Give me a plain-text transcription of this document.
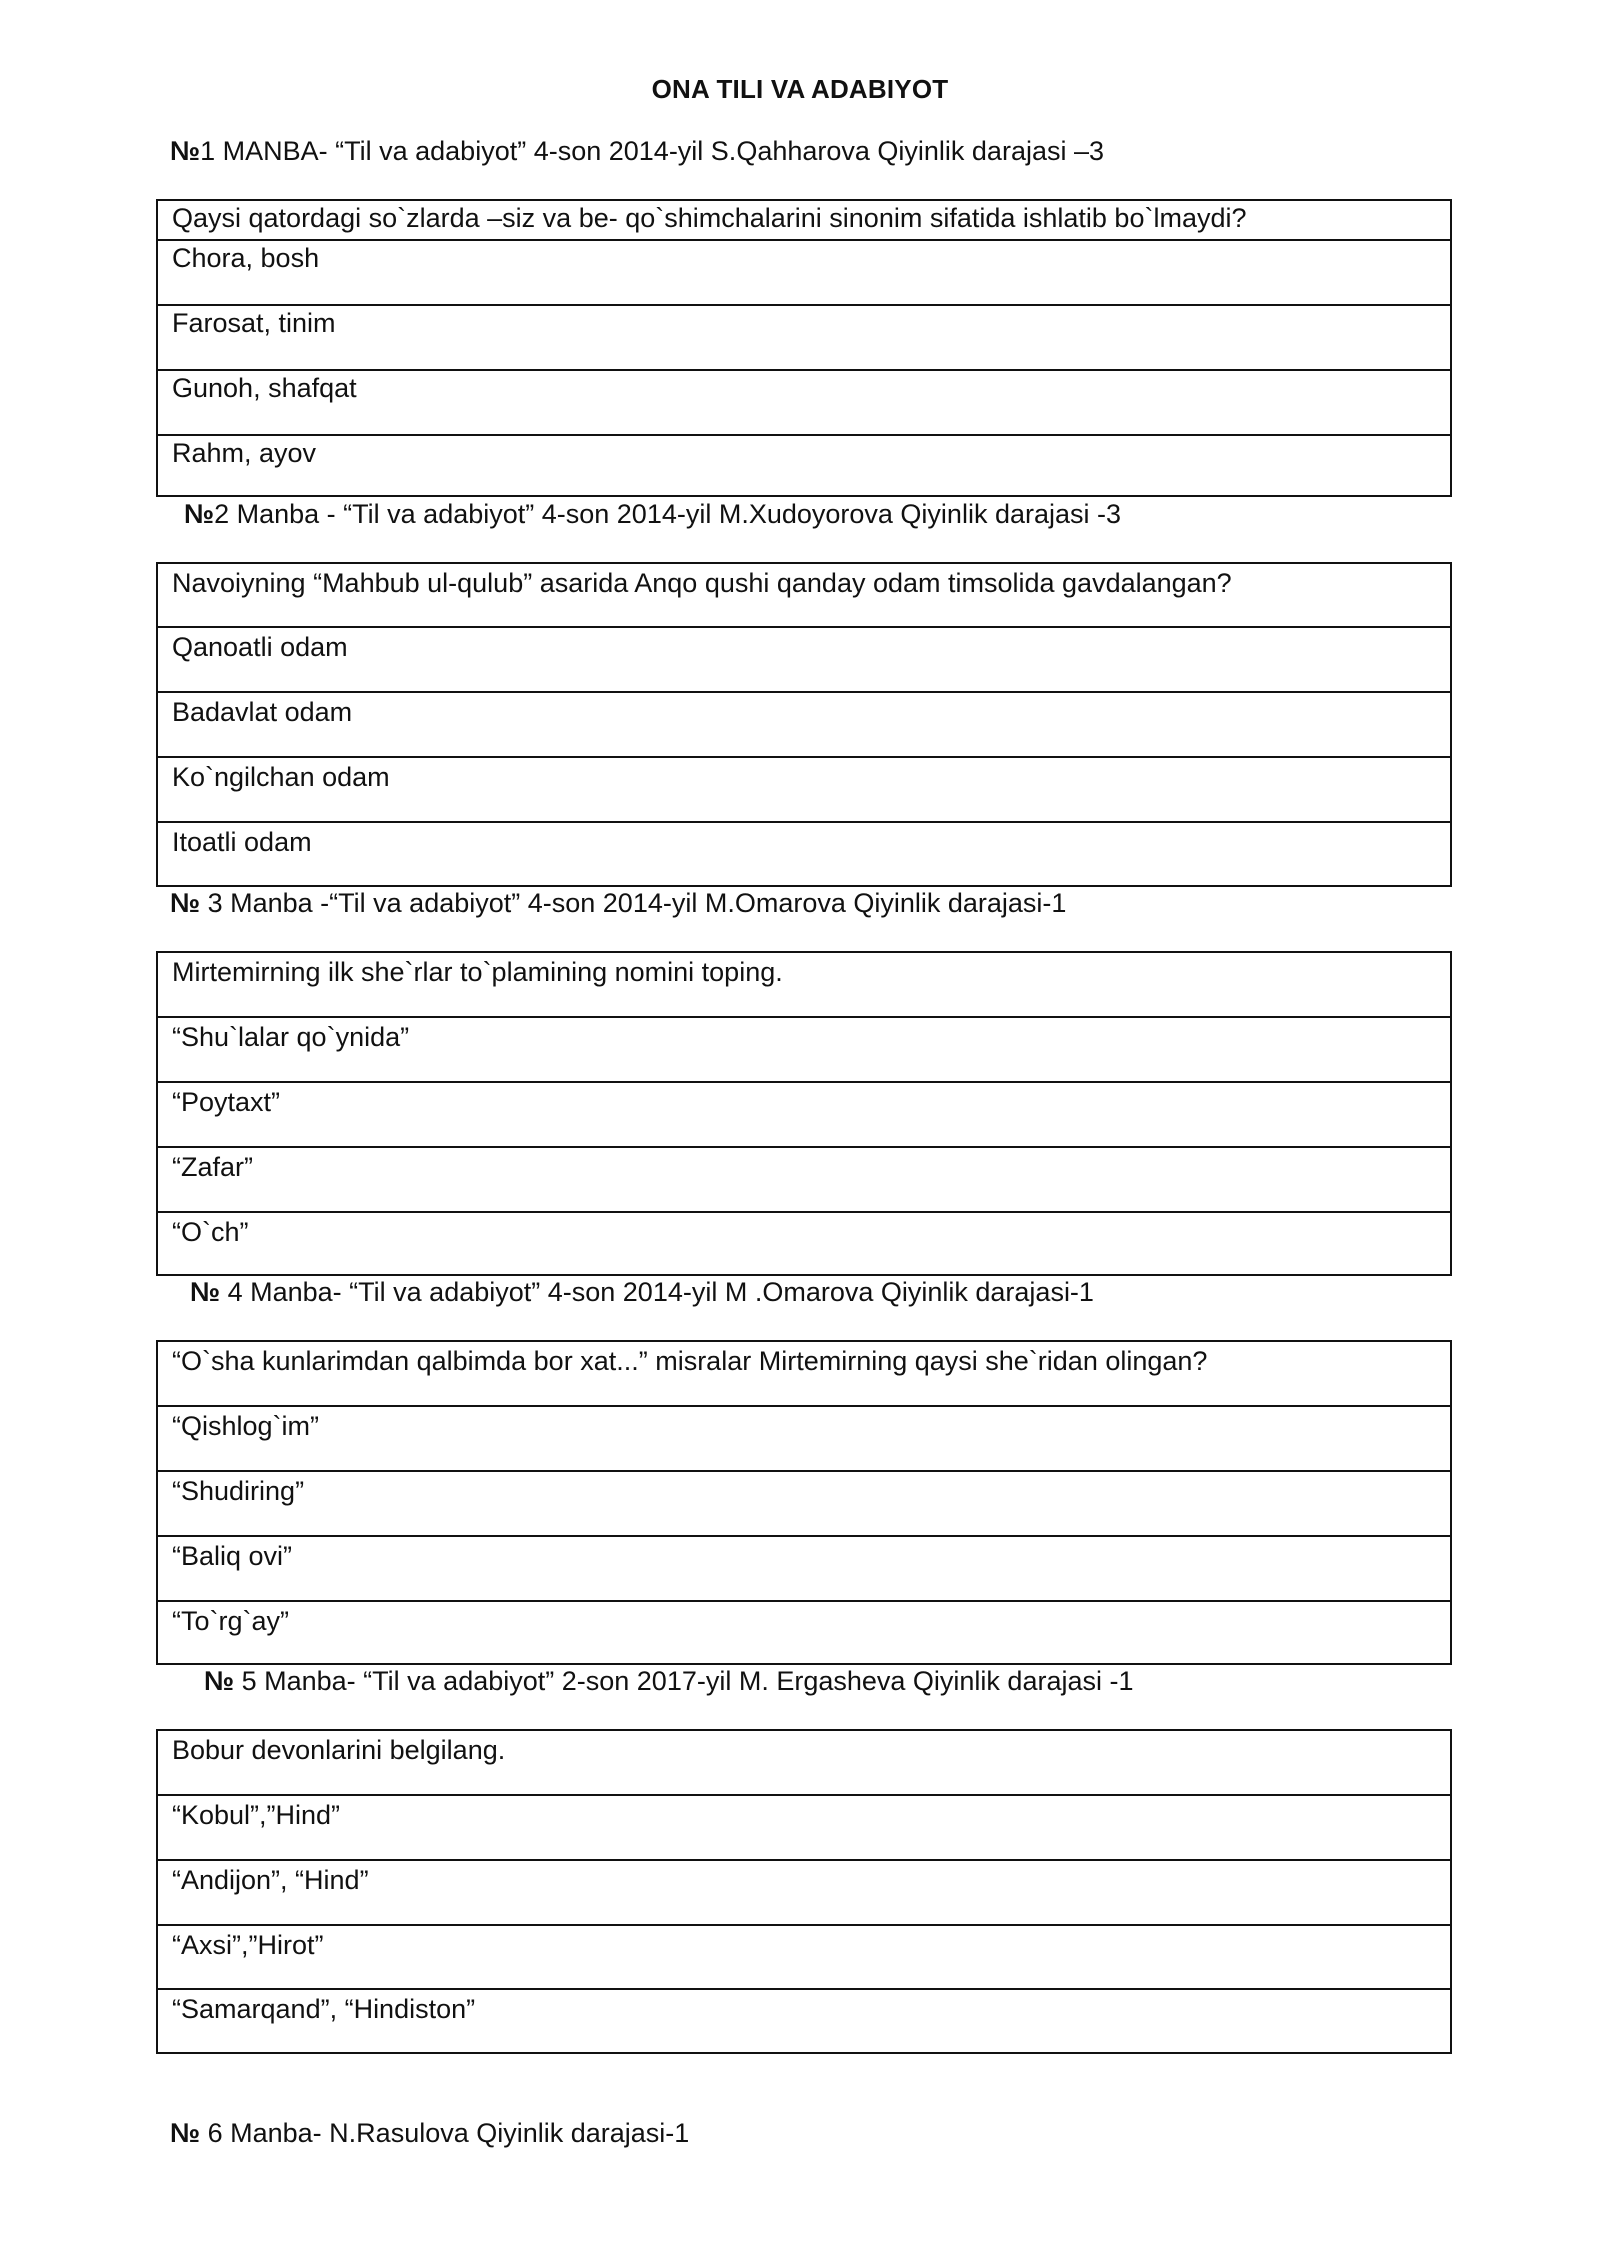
ONA TILI VA ADABIYOT
№1 MANBA- “Til va adabiyot” 4-son 2014-yil S.Qahharova Qiyinlik darajasi –3
Qaysi qatordagi so`zlarda –siz va be- qo`shimchalarini sinonim sifatida ishlatib bo`lmaydi?
Chora, bosh
Farosat, tinim
Gunoh, shafqat
Rahm, ayov
№2 Manba - “Til va adabiyot” 4-son 2014-yil M.Xudoyorova Qiyinlik darajasi -3
Navoiyning “Mahbub ul-qulub” asarida Anqo qushi qanday odam timsolida gavdalangan?
Qanoatli odam
Badavlat odam
Ko`ngilchan odam
Itoatli odam
№ 3 Manba -“Til va adabiyot” 4-son 2014-yil M.Omarova Qiyinlik darajasi-1
Mirtemirning ilk she`rlar to`plamining nomini toping.
“Shu`lalar qo`ynida”
“Poytaxt”
“Zafar”
“O`ch”
№ 4 Manba- “Til va adabiyot” 4-son 2014-yil M .Omarova Qiyinlik darajasi-1
“O`sha kunlarimdan qalbimda bor xat...” misralar Mirtemirning qaysi she`ridan olingan?
“Qishlog`im”
“Shudiring”
“Baliq ovi”
“To`rg`ay”
№ 5 Manba- “Til va adabiyot” 2-son 2017-yil M. Ergasheva Qiyinlik darajasi -1
Bobur devonlarini belgilang.
“Kobul”,”Hind”
“Andijon”, “Hind”
“Axsi”,”Hirot”
“Samarqand”, “Hindiston”
№ 6 Manba- N.Rasulova Qiyinlik darajasi-1
